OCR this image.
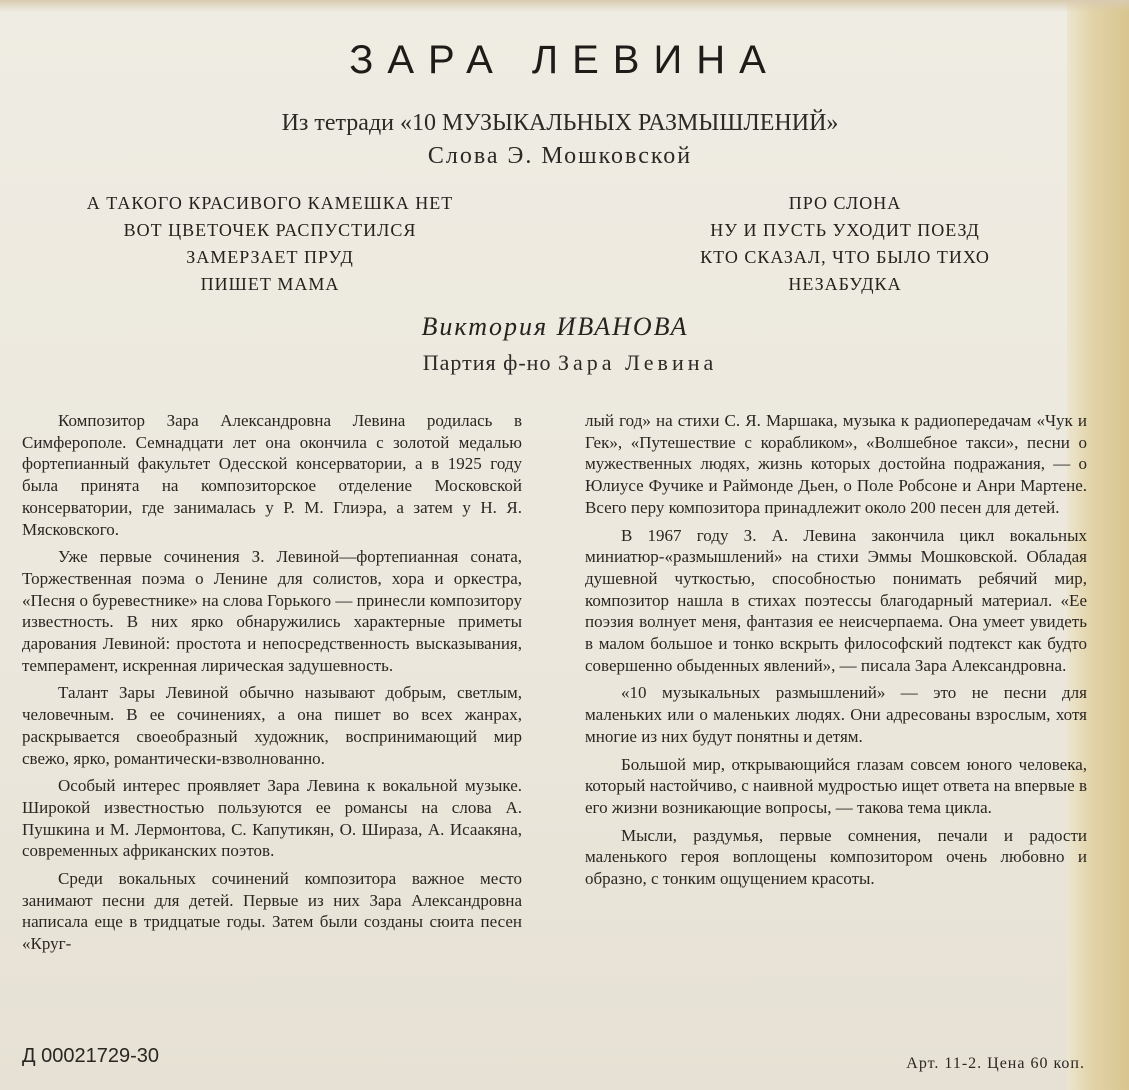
ЗАРА ЛЕВИНА
Из тетради «10 МУЗЫКАЛЬНЫХ РАЗМЫШЛЕНИЙ»
Слова Э. Мошковской
А ТАКОГО КРАСИВОГО КАМЕШКА НЕТ
ВОТ ЦВЕТОЧЕК РАСПУСТИЛСЯ
ЗАМЕРЗАЕТ ПРУД
ПИШЕТ МАМА
ПРО СЛОНА
НУ И ПУСТЬ УХОДИТ ПОЕЗД
КТО СКАЗАЛ, ЧТО БЫЛО ТИХО
НЕЗАБУДКА
Виктория ИВАНОВА
Партия ф-но Зара Левина

Композитор Зара Александровна Левина родилась в Симферополе. Семнадцати лет она окончила с золотой медалью фортепианный факультет Одесской консерватории, а в 1925 году была принята на композиторское отделение Московской консерватории, где занималась у Р. М. Глиэра, а затем у Н. Я. Мясковского.

Уже первые сочинения З. Левиной—фортепианная соната, Торжественная поэма о Ленине для солистов, хора и оркестра, «Песня о буревестнике» на слова Горького — принесли композитору известность. В них ярко обнаружились характерные приметы дарования Левиной: простота и непосредственность высказывания, темперамент, искренная лирическая задушевность.

Талант Зары Левиной обычно называют добрым, светлым, человечным. В ее сочинениях, а она пишет во всех жанрах, раскрывается своеобразный художник, воспринимающий мир свежо, ярко, романтически-взволнованно.

Особый интерес проявляет Зара Левина к вокальной музыке. Широкой известностью пользуются ее романсы на слова А. Пушкина и М. Лермонтова, С. Капутикян, О. Шираза, А. Исаакяна, современных африканских поэтов.

Среди вокальных сочинений композитора важное место занимают песни для детей. Первые из них Зара Александровна написала еще в тридцатые годы. Затем были созданы сюита песен «Круг-

лый год» на стихи С. Я. Маршака, музыка к радиопередачам «Чук и Гек», «Путешествие с корабликом», «Волшебное такси», песни о мужественных людях, жизнь которых достойна подражания, — о Юлиусе Фучике и Раймонде Дьен, о Поле Робсоне и Анри Мартене. Всего перу композитора принадлежит около 200 песен для детей.

В 1967 году З. А. Левина закончила цикл вокальных миниатюр-«размышлений» на стихи Эммы Мошковской. Обладая душевной чуткостью, способностью понимать ребячий мир, композитор нашла в стихах поэтессы благодарный материал. «Ее поэзия волнует меня, фантазия ее неисчерпаема. Она умеет увидеть в малом большое и тонко вскрыть философский подтекст как будто совершенно обыденных явлений», — писала Зара Александровна.

«10 музыкальных размышлений» — это не песни для маленьких или о маленьких людях. Они адресованы взрослым, хотя многие из них будут понятны и детям.

Большой мир, открывающийся глазам совсем юного человека, который настойчиво, с наивной мудростью ищет ответа на впервые в его жизни возникающие вопросы, — такова тема цикла.

Мысли, раздумья, первые сомнения, печали и радости маленького героя воплощены композитором очень любовно и образно, с тонким ощущением красоты.

Д 00021729-30	Арт. 11-2. Цена 60 коп.
